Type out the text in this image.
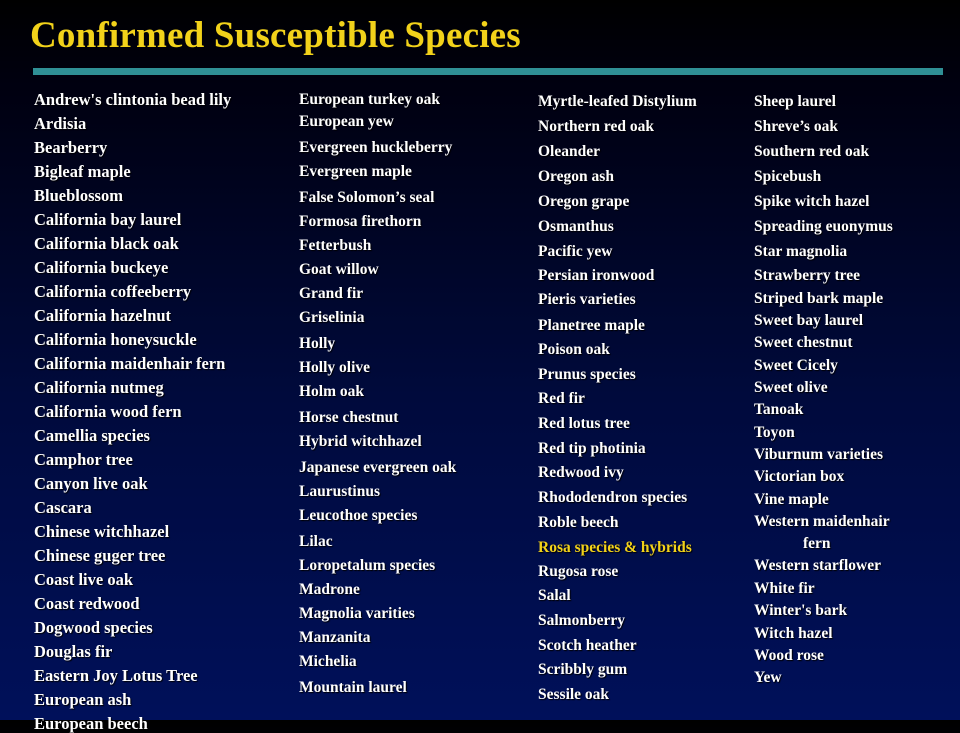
Confirmed Susceptible Species
Andrew's clintonia bead lily
Ardisia
Bearberry
Bigleaf maple
Blueblossom
California bay laurel
California black oak
California buckeye
California coffeeberry
California hazelnut
California honeysuckle
California maidenhair fern
California nutmeg
California wood fern
Camellia species
Camphor tree
Canyon live oak
Cascara
Chinese witchhazel
Chinese guger tree
Coast live oak
Coast redwood
Dogwood species
Douglas fir
Eastern Joy Lotus Tree
European ash
European beech
European turkey oak
European yew
Evergreen huckleberry
Evergreen maple
False Solomon’s seal
Formosa firethorn
Fetterbush
Goat willow
Grand fir
Griselinia
Holly
Holly olive
Holm oak
Horse chestnut
Hybrid witchhazel
Japanese evergreen oak
Laurustinus
Leucothoe species
Lilac
Loropetalum species
Madrone
Magnolia varities
Manzanita
Michelia
Mountain laurel
Myrtle-leafed Distylium
Northern red oak
Oleander
Oregon ash
Oregon grape
Osmanthus
Pacific yew
Persian ironwood
Pieris varieties
Planetree maple
Poison oak
Prunus species
Red fir
Red lotus tree
Red tip photinia
Redwood ivy
Rhododendron species
Roble beech
Rosa species & hybrids
Rugosa rose
Salal
Salmonberry
Scotch heather
Scribbly gum
Sessile oak
Sheep laurel
Shreve’s oak
Southern red oak
Spicebush
Spike witch hazel
Spreading euonymus
Star magnolia
Strawberry tree
Striped bark maple
Sweet bay laurel
Sweet chestnut
Sweet Cicely
Sweet olive
Tanoak
Toyon
Viburnum varieties
Victorian box
Vine maple
Western maidenhair
fern
Western starflower
White fir
Winter's bark
Witch hazel
Wood rose
Yew
